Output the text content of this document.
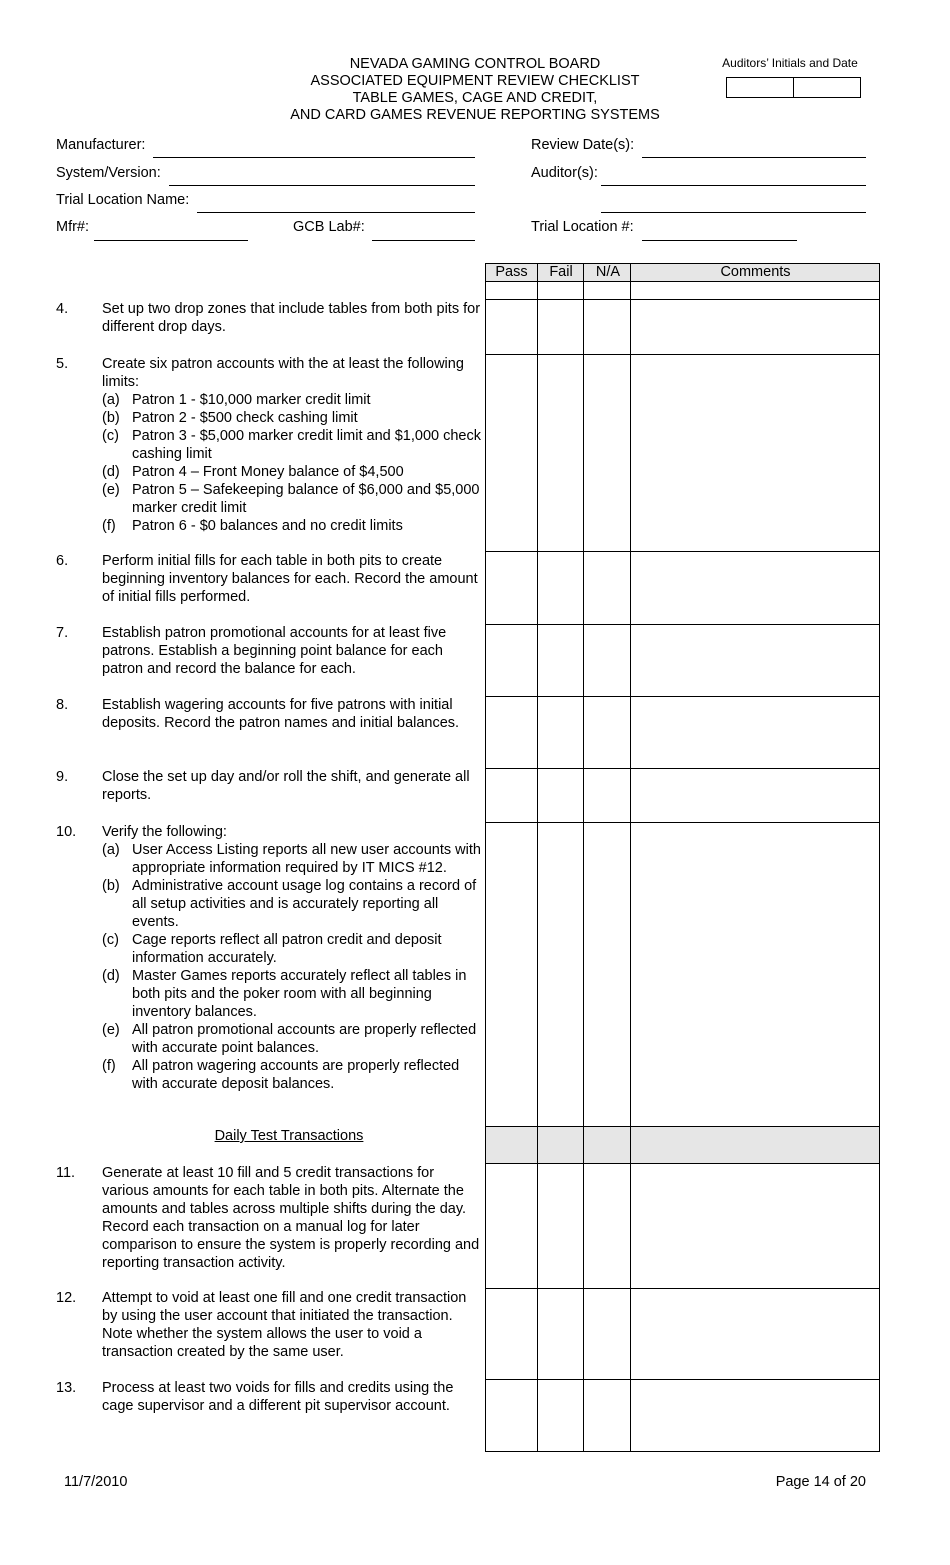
NEVADA GAMING CONTROL BOARD
ASSOCIATED EQUIPMENT REVIEW CHECKLIST
TABLE GAMES, CAGE AND CREDIT,
AND CARD GAMES REVENUE REPORTING SYSTEMS
Auditors’ Initials and Date
Manufacturer:	Review Date(s):
System/Version:	Auditor(s):
Trial Location Name:
Mfr#:	GCB Lab#:	Trial Location #:
Pass	Fail	N/A	Comments
4. Set up two drop zones that include tables from both pits for different drop days.
5. Create six patron accounts with the at least the following limits:
(a) Patron 1 - $10,000 marker credit limit
(b) Patron 2 - $500 check cashing limit
(c) Patron 3 - $5,000 marker credit limit and $1,000 check cashing limit
(d) Patron 4 – Front Money balance of $4,500
(e) Patron 5 – Safekeeping balance of $6,000 and $5,000 marker credit limit
(f)	Patron 6 - $0 balances and no credit limits
6. Perform initial fills for each table in both pits to create beginning inventory balances for each. Record the amount of initial fills performed.
7. Establish patron promotional accounts for at least five patrons. Establish a beginning point balance for each patron and record the balance for each.
8. Establish wagering accounts for five patrons with initial deposits. Record the patron names and initial balances.
9. Close the set up day and/or roll the shift, and generate all reports.
10. Verify the following:
(a) User Access Listing reports all new user accounts with appropriate information required by IT MICS #12.
(b) Administrative account usage log contains a record of all setup activities and is accurately reporting all events.
(c) Cage reports reflect all patron credit and deposit information accurately.
(d) Master Games reports accurately reflect all tables in both pits and the poker room with all beginning inventory balances.
(e) All patron promotional accounts are properly reflected with accurate point balances.
(f)	All patron wagering accounts are properly reflected with accurate deposit balances.
Daily Test Transactions
11. Generate at least 10 fill and 5 credit transactions for various amounts for each table in both pits. Alternate the amounts and tables across multiple shifts during the day. Record each transaction on a manual log for later comparison to ensure the system is properly recording and reporting transaction activity.
12. Attempt to void at least one fill and one credit transaction by using the user account that initiated the transaction. Note whether the system allows the user to void a transaction created by the same user.
13. Process at least two voids for fills and credits using the cage supervisor and a different pit supervisor account.
11/7/2010	Page 14 of 20
